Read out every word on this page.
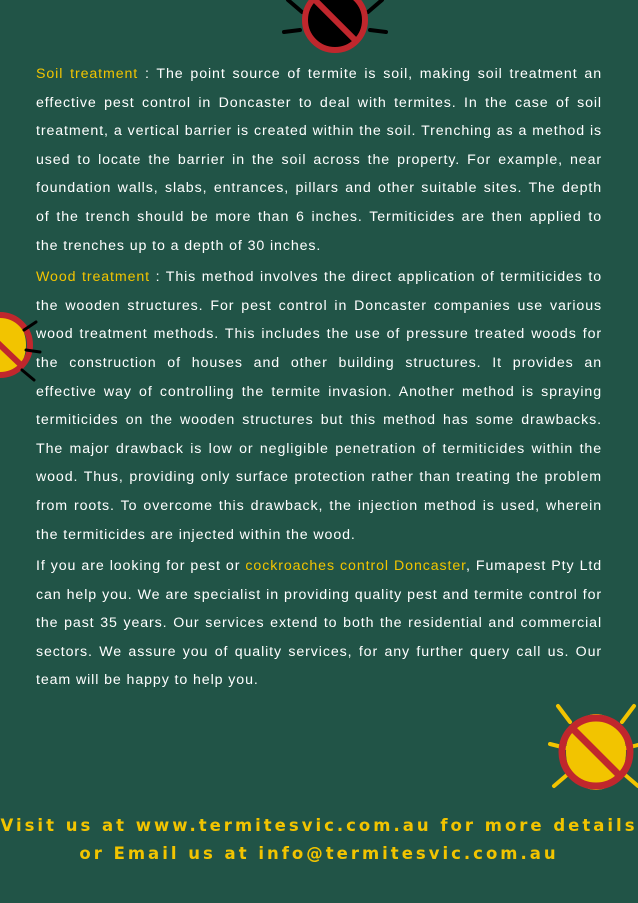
Soil treatment : The point source of termite is soil, making soil treatment an effective pest control in Doncaster to deal with termites. In the case of soil treatment, a vertical barrier is created within the soil. Trenching as a method is used to locate the barrier in the soil across the property. For example, near foundation walls, slabs, entrances, pillars and other suitable sites. The depth of the trench should be more than 6 inches. Termiticides are then applied to the trenches up to a depth of 30 inches.

Wood treatment : This method involves the direct application of termiticides to the wooden structures. For pest control in Doncaster companies use various wood treatment methods. This includes the use of pressure treated woods for the construction of houses and other building structures. It provides an effective way of controlling the termite invasion. Another method is spraying termiticides on the wooden structures but this method has some drawbacks. The major drawback is low or negligible penetration of termiticides within the wood. Thus, providing only surface protection rather than treating the problem from roots. To overcome this drawback, the injection method is used, wherein the termiticides are injected within the wood.

If you are looking for pest or cockroaches control Doncaster, Fumapest Pty Ltd can help you. We are specialist in providing quality pest and termite control for the past 35 years. Our services extend to both the residential and commercial sectors. We assure you of quality services, for any further query call us. Our team will be happy to help you.

Visit us at www.termitesvic.com.au for more details
or Email us at info@termitesvic.com.au
